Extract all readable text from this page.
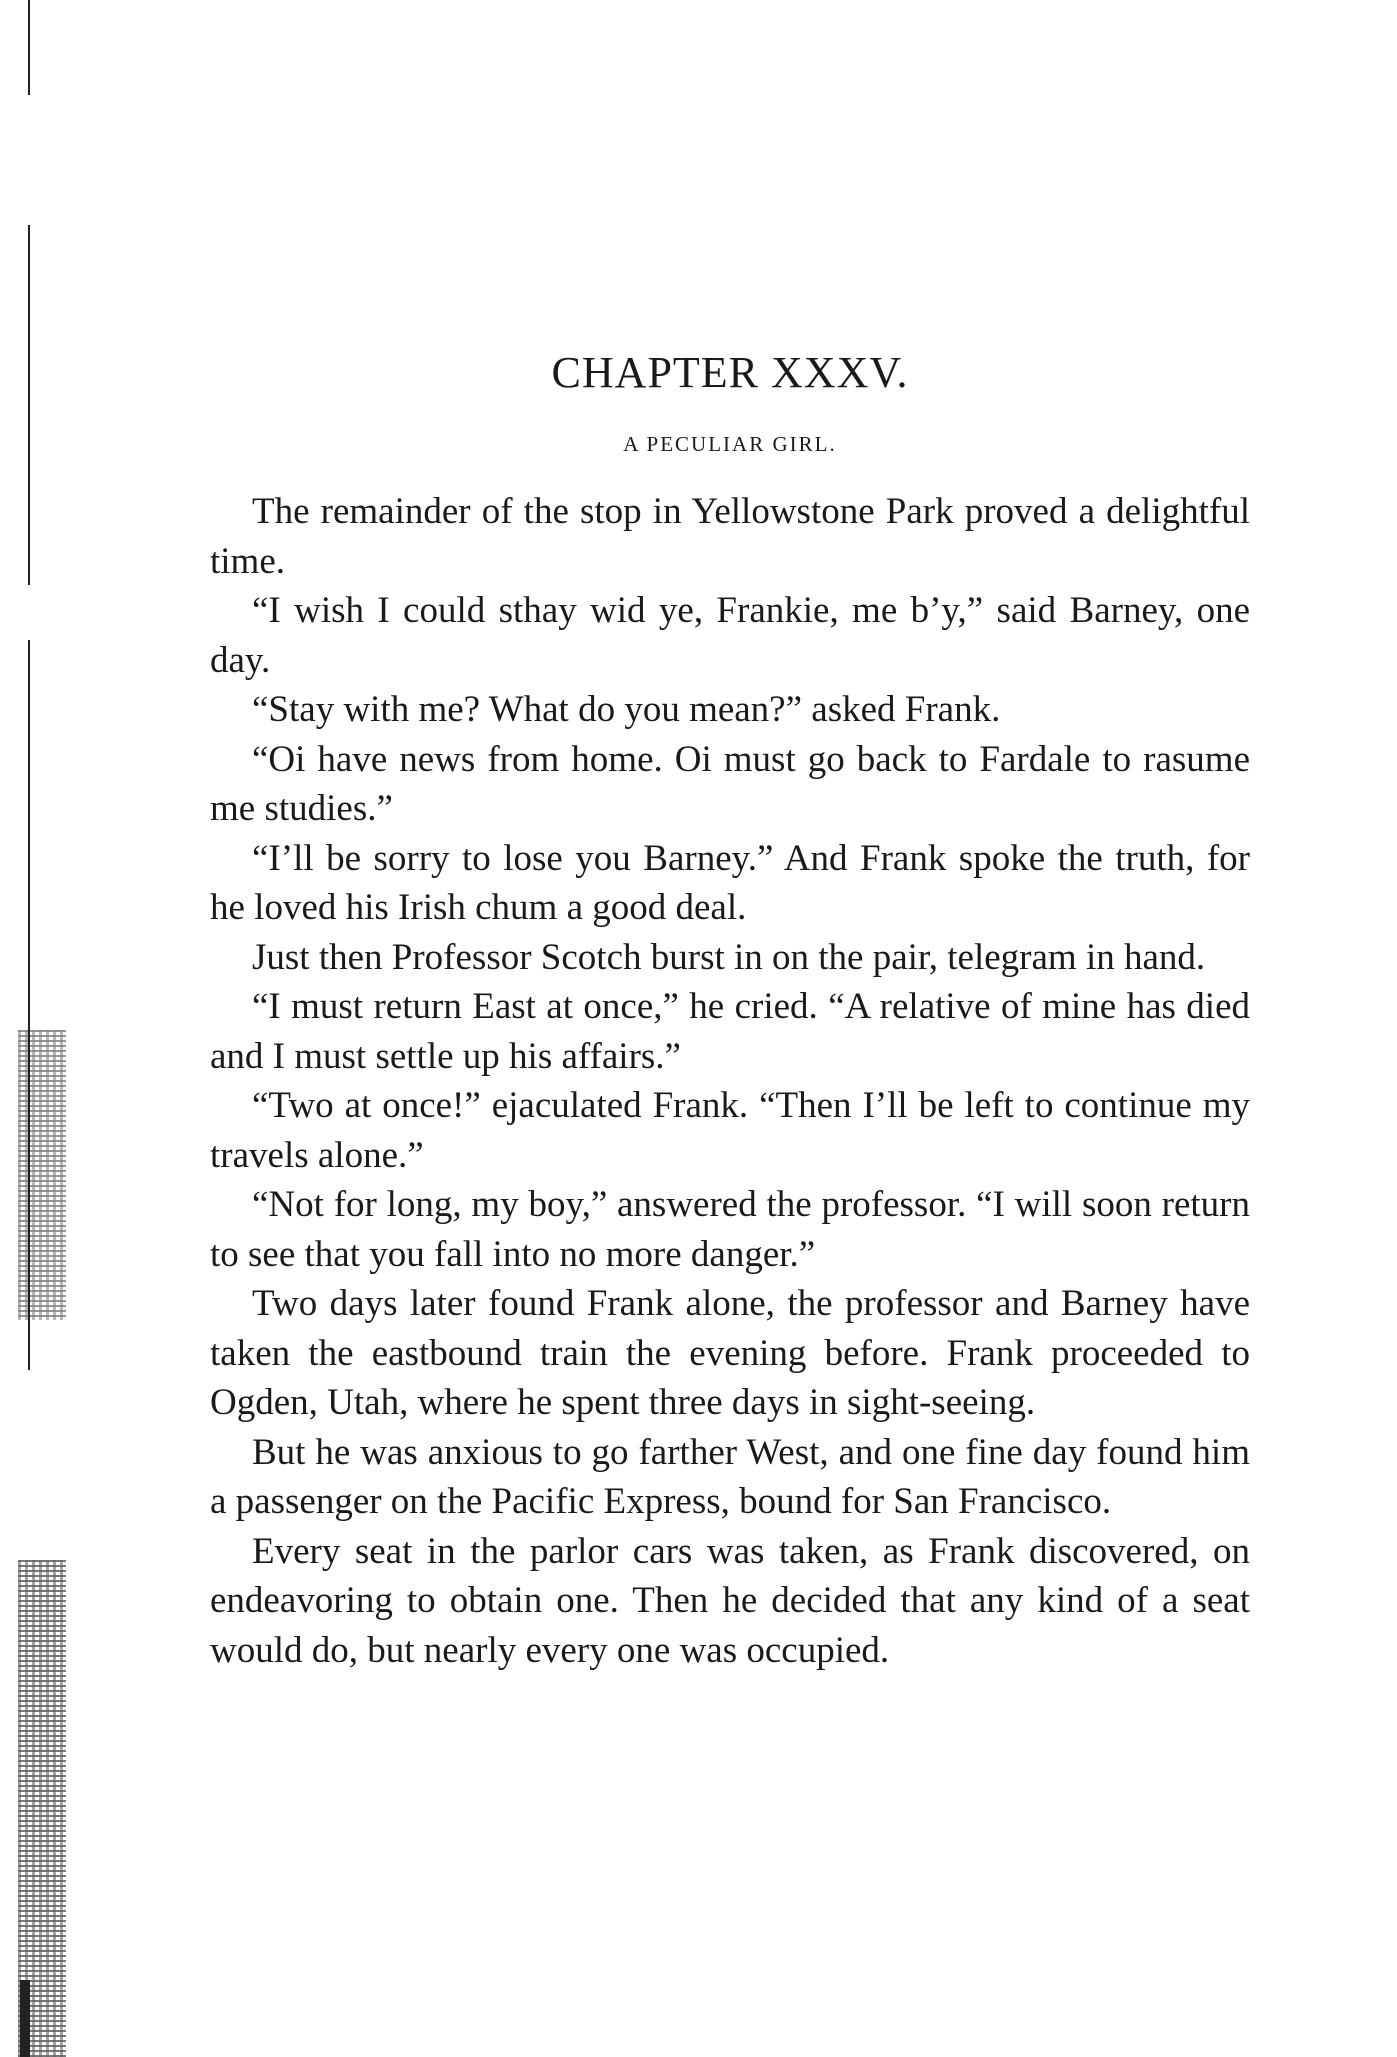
CHAPTER XXXV.
A PECULIAR GIRL.

The remainder of the stop in Yellowstone Park proved a delightful time.

“I wish I could sthay wid ye, Frankie, me b’y,” said Barney, one day.

“Stay with me? What do you mean?” asked Frank.

“Oi have news from home. Oi must go back to Fardale to rasume me studies.”

“I’ll be sorry to lose you Barney.” And Frank spoke the truth, for he loved his Irish chum a good deal.

Just then Professor Scotch burst in on the pair, telegram in hand.

“I must return East at once,” he cried. “A relative of mine has died and I must settle up his affairs.”

“Two at once!” ejaculated Frank. “Then I’ll be left to continue my travels alone.”

“Not for long, my boy,” answered the professor. “I will soon return to see that you fall into no more danger.”

Two days later found Frank alone, the professor and Barney have taken the eastbound train the evening before. Frank proceeded to Ogden, Utah, where he spent three days in sight-seeing.

But he was anxious to go farther West, and one fine day found him a passenger on the Pacific Express, bound for San Francisco.

Every seat in the parlor cars was taken, as Frank discovered, on endeavoring to obtain one. Then he decided that any kind of a seat would do, but nearly every one was occupied.
